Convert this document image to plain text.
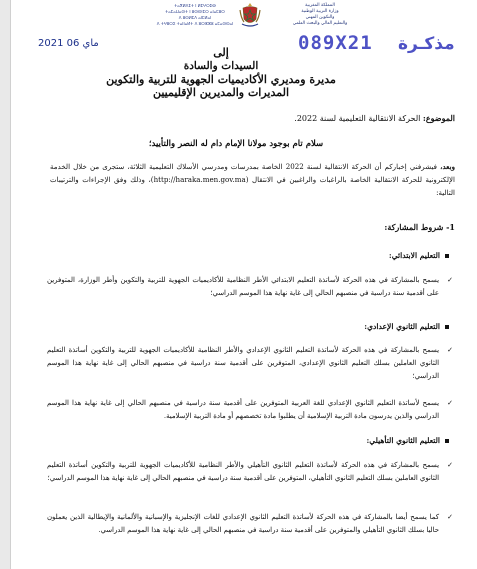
ⵜⴰⴳⵍⴷⵉⵜ ⵏ ⵍⵎⵖⵔⵉⴱ
ⵜⴰⵎⴰⵡⴰⵙⵜ ⵏ ⵓⵙⵙⵏⵎⵔ ⴰⵏⴰⵎⵓⵔ
ⴷ ⵓⵙⵍⵎⴷ ⴰⵏⵎⵍⴰⵏ
ⴷ ⵜⵖⵓⵔⵉ ⵜⴰⵏⵏⴰⵍⵜ ⴷ ⵓⵔⵣⵣⵓ ⴰⵎⴰⵙⵙⴰⵏ
المملكة المغربية
وزارة التربية الوطنية
والتكوين المهني
والتعليم العالي والبحث العلمي
2021 ماي 06	089X21 مذكـرة
إلى
السيدات والسادة
مديرة ومديري الأكاديميات الجهوية للتربية والتكوين
المديرات والمديرين الإقليميين
الموضوع: الحركة الانتقالية التعليمية لسنة 2022.
سلام تام بوجود مولانا الإمام دام له النصر والتأييد؛
وبعد، فيشرفني إخباركم أن الحركة الانتقالية لسنة 2022 الخاصة بمدرسات ومدرسي الأسلاك التعليمية الثلاثة، ستجرى من خلال الخدمة الإلكترونية للحركة الانتقالية الخاصة بالراغبات والراغبين في الانتقال (http://haraka.men.gov.ma)، وذلك وفق الإجراءات والترتيبات التالية:
1- شروط المشاركة:
التعليم الابتدائي:
✓ يسمح بالمشاركة في هذه الحركة لأساتذة التعليم الابتدائي الأطر النظامية للأكاديميات الجهوية للتربية والتكوين وأطر الوزارة، المتوفرين على أقدمية سنة دراسية في منصبهم الحالي إلى غاية نهاية هذا الموسم الدراسي؛
التعليم الثانوي الإعدادي:
✓ يسمح بالمشاركة في هذه الحركة لأساتذة التعليم الثانوي الإعدادي والأطر النظامية للأكاديميات الجهوية للتربية والتكوين أساتذة التعليم الثانوي العاملين بسلك التعليم الثانوي الإعدادي، المتوفرين على أقدمية سنة دراسية في منصبهم الحالي إلى غاية نهاية هذا الموسم الدراسي؛
✓ يسمح لأساتذة التعليم الثانوي الإعدادي للغة العربية المتوفرين على أقدمية سنة دراسية في منصبهم الحالي إلى غاية نهاية هذا الموسم الدراسي والذين يدرسون مادة التربية الإسلامية أن يطلبوا مادة تخصصهم أو مادة التربية الإسلامية.
التعليم الثانوي التأهيلي:
✓ يسمح بالمشاركة في هذه الحركة لأساتذة التعليم الثانوي التأهيلي والأطر النظامية للأكاديميات الجهوية للتربية والتكوين أساتذة التعليم الثانوي العاملين بسلك التعليم الثانوي التأهيلي، المتوفرين على أقدمية سنة دراسية في منصبهم الحالي إلى غاية نهاية هذا الموسم الدراسي؛
✓ كما يسمح أيضا بالمشاركة في هذه الحركة لأساتذة التعليم الثانوي الإعدادي للغات الإنجليزية والإسبانية والألمانية والإيطالية الذين يعملون حاليا بسلك الثانوي التأهيلي والمتوفرين على أقدمية سنة دراسية في منصبهم الحالي إلى غاية نهاية هذا الموسم الدراسي.
